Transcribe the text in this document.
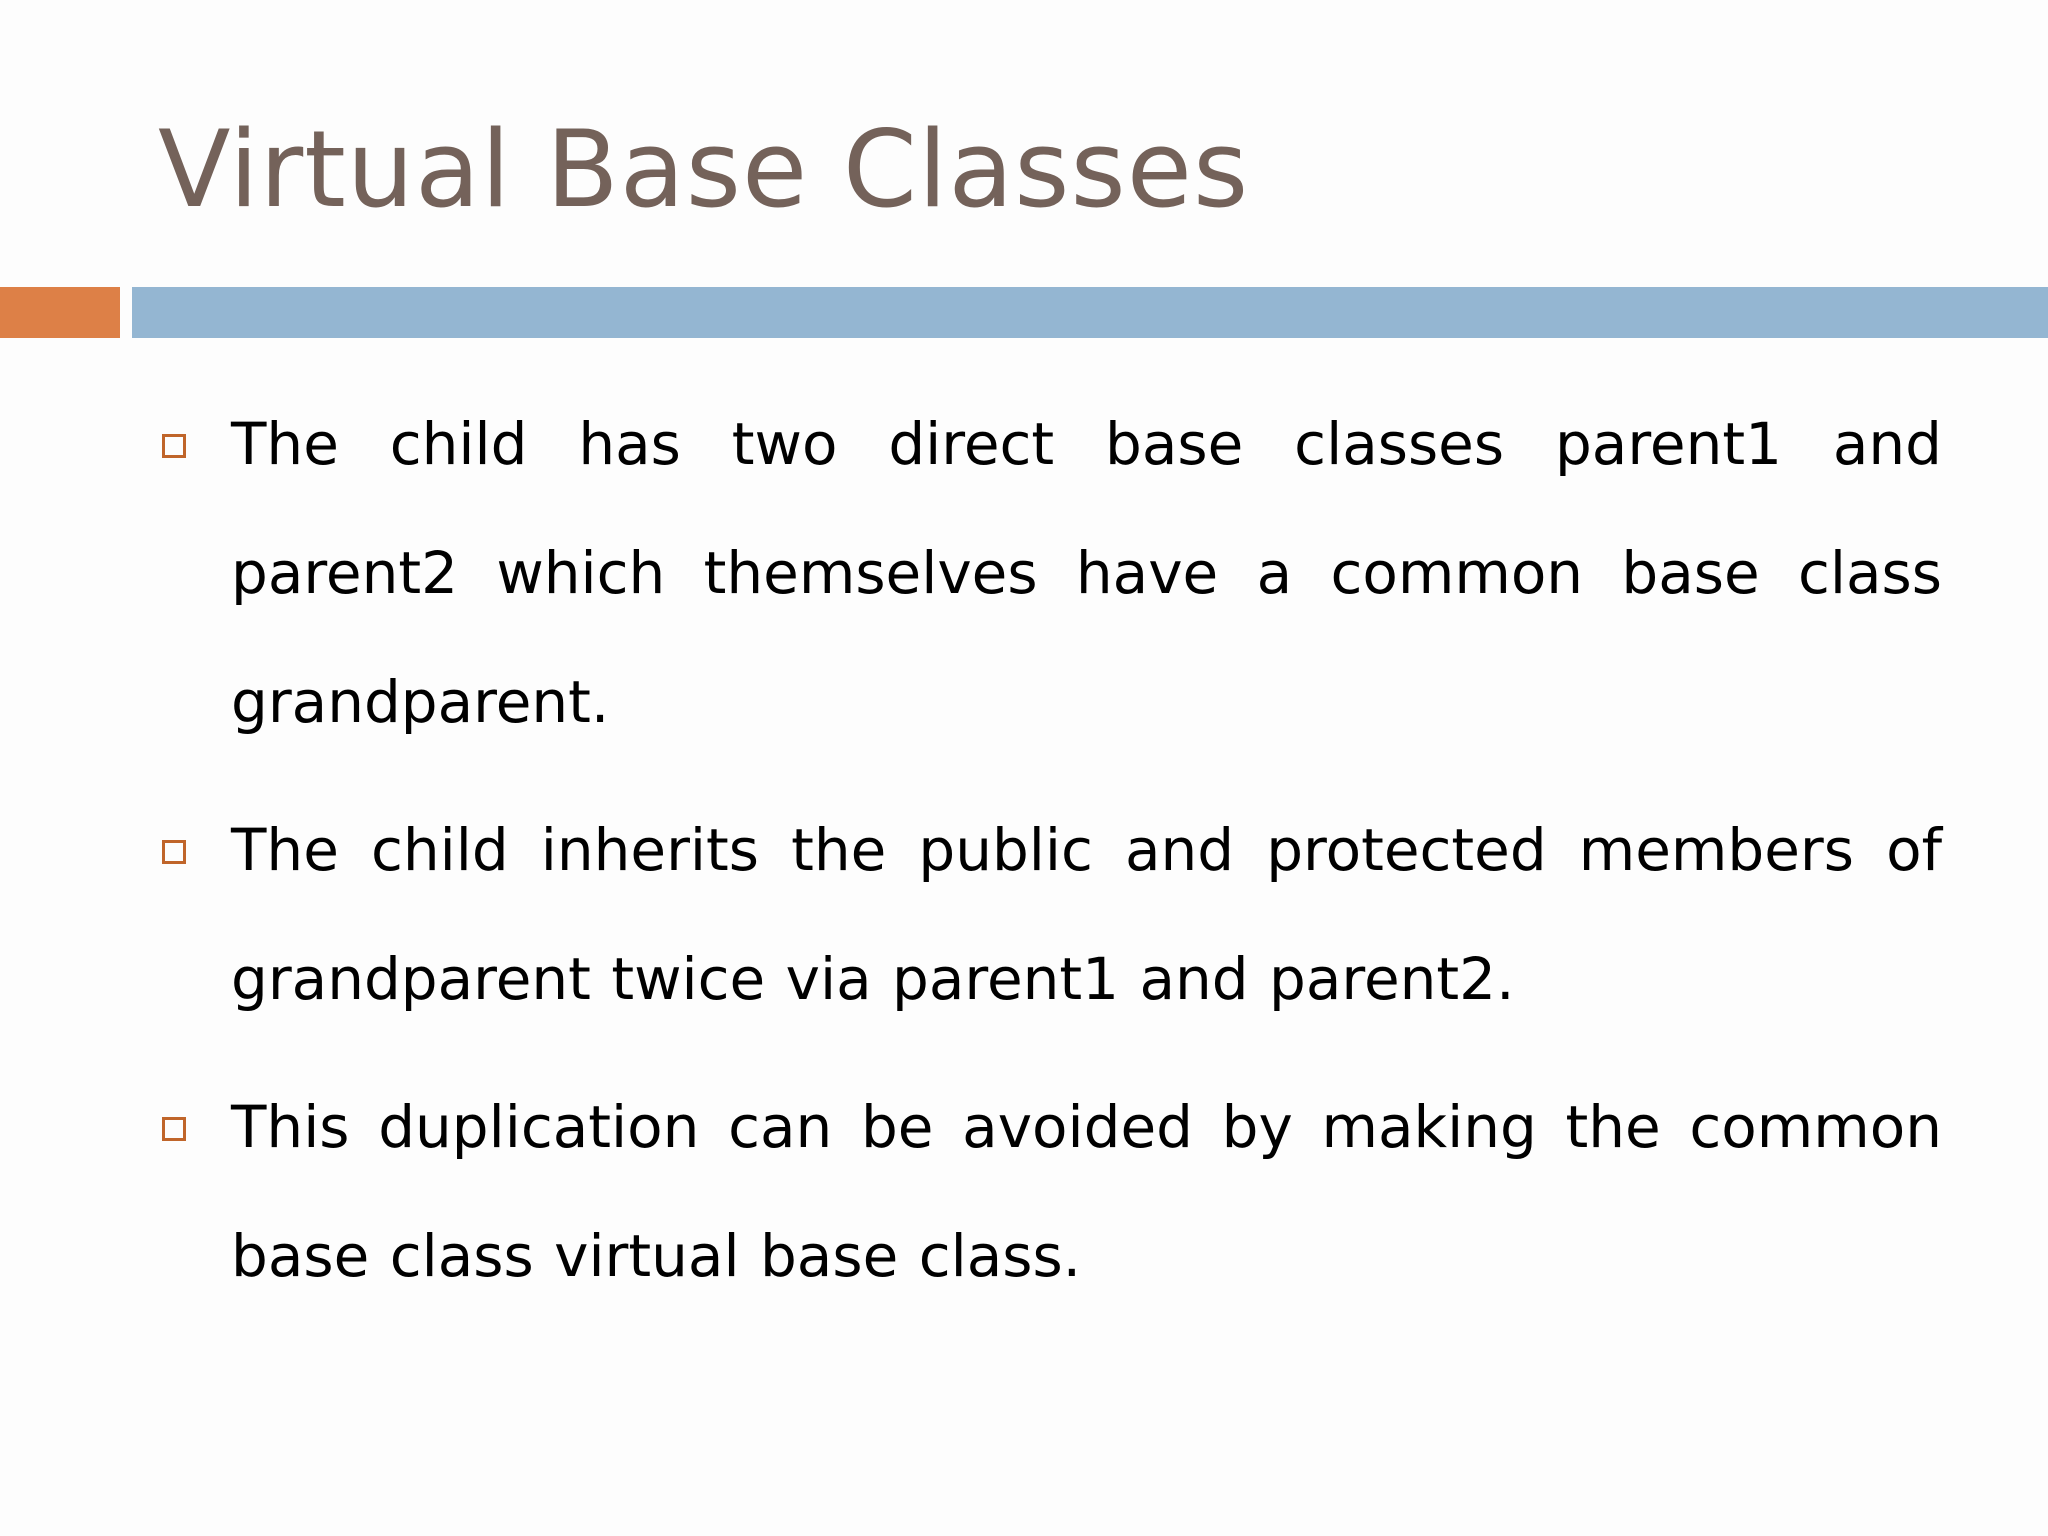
Virtual Base Classes
The child has two direct base classes parent1 and parent2 which themselves have a common base class grandparent.
The child inherits the public and protected members of grandparent twice via parent1 and parent2.
This duplication can be avoided by making the common base class virtual base class.
